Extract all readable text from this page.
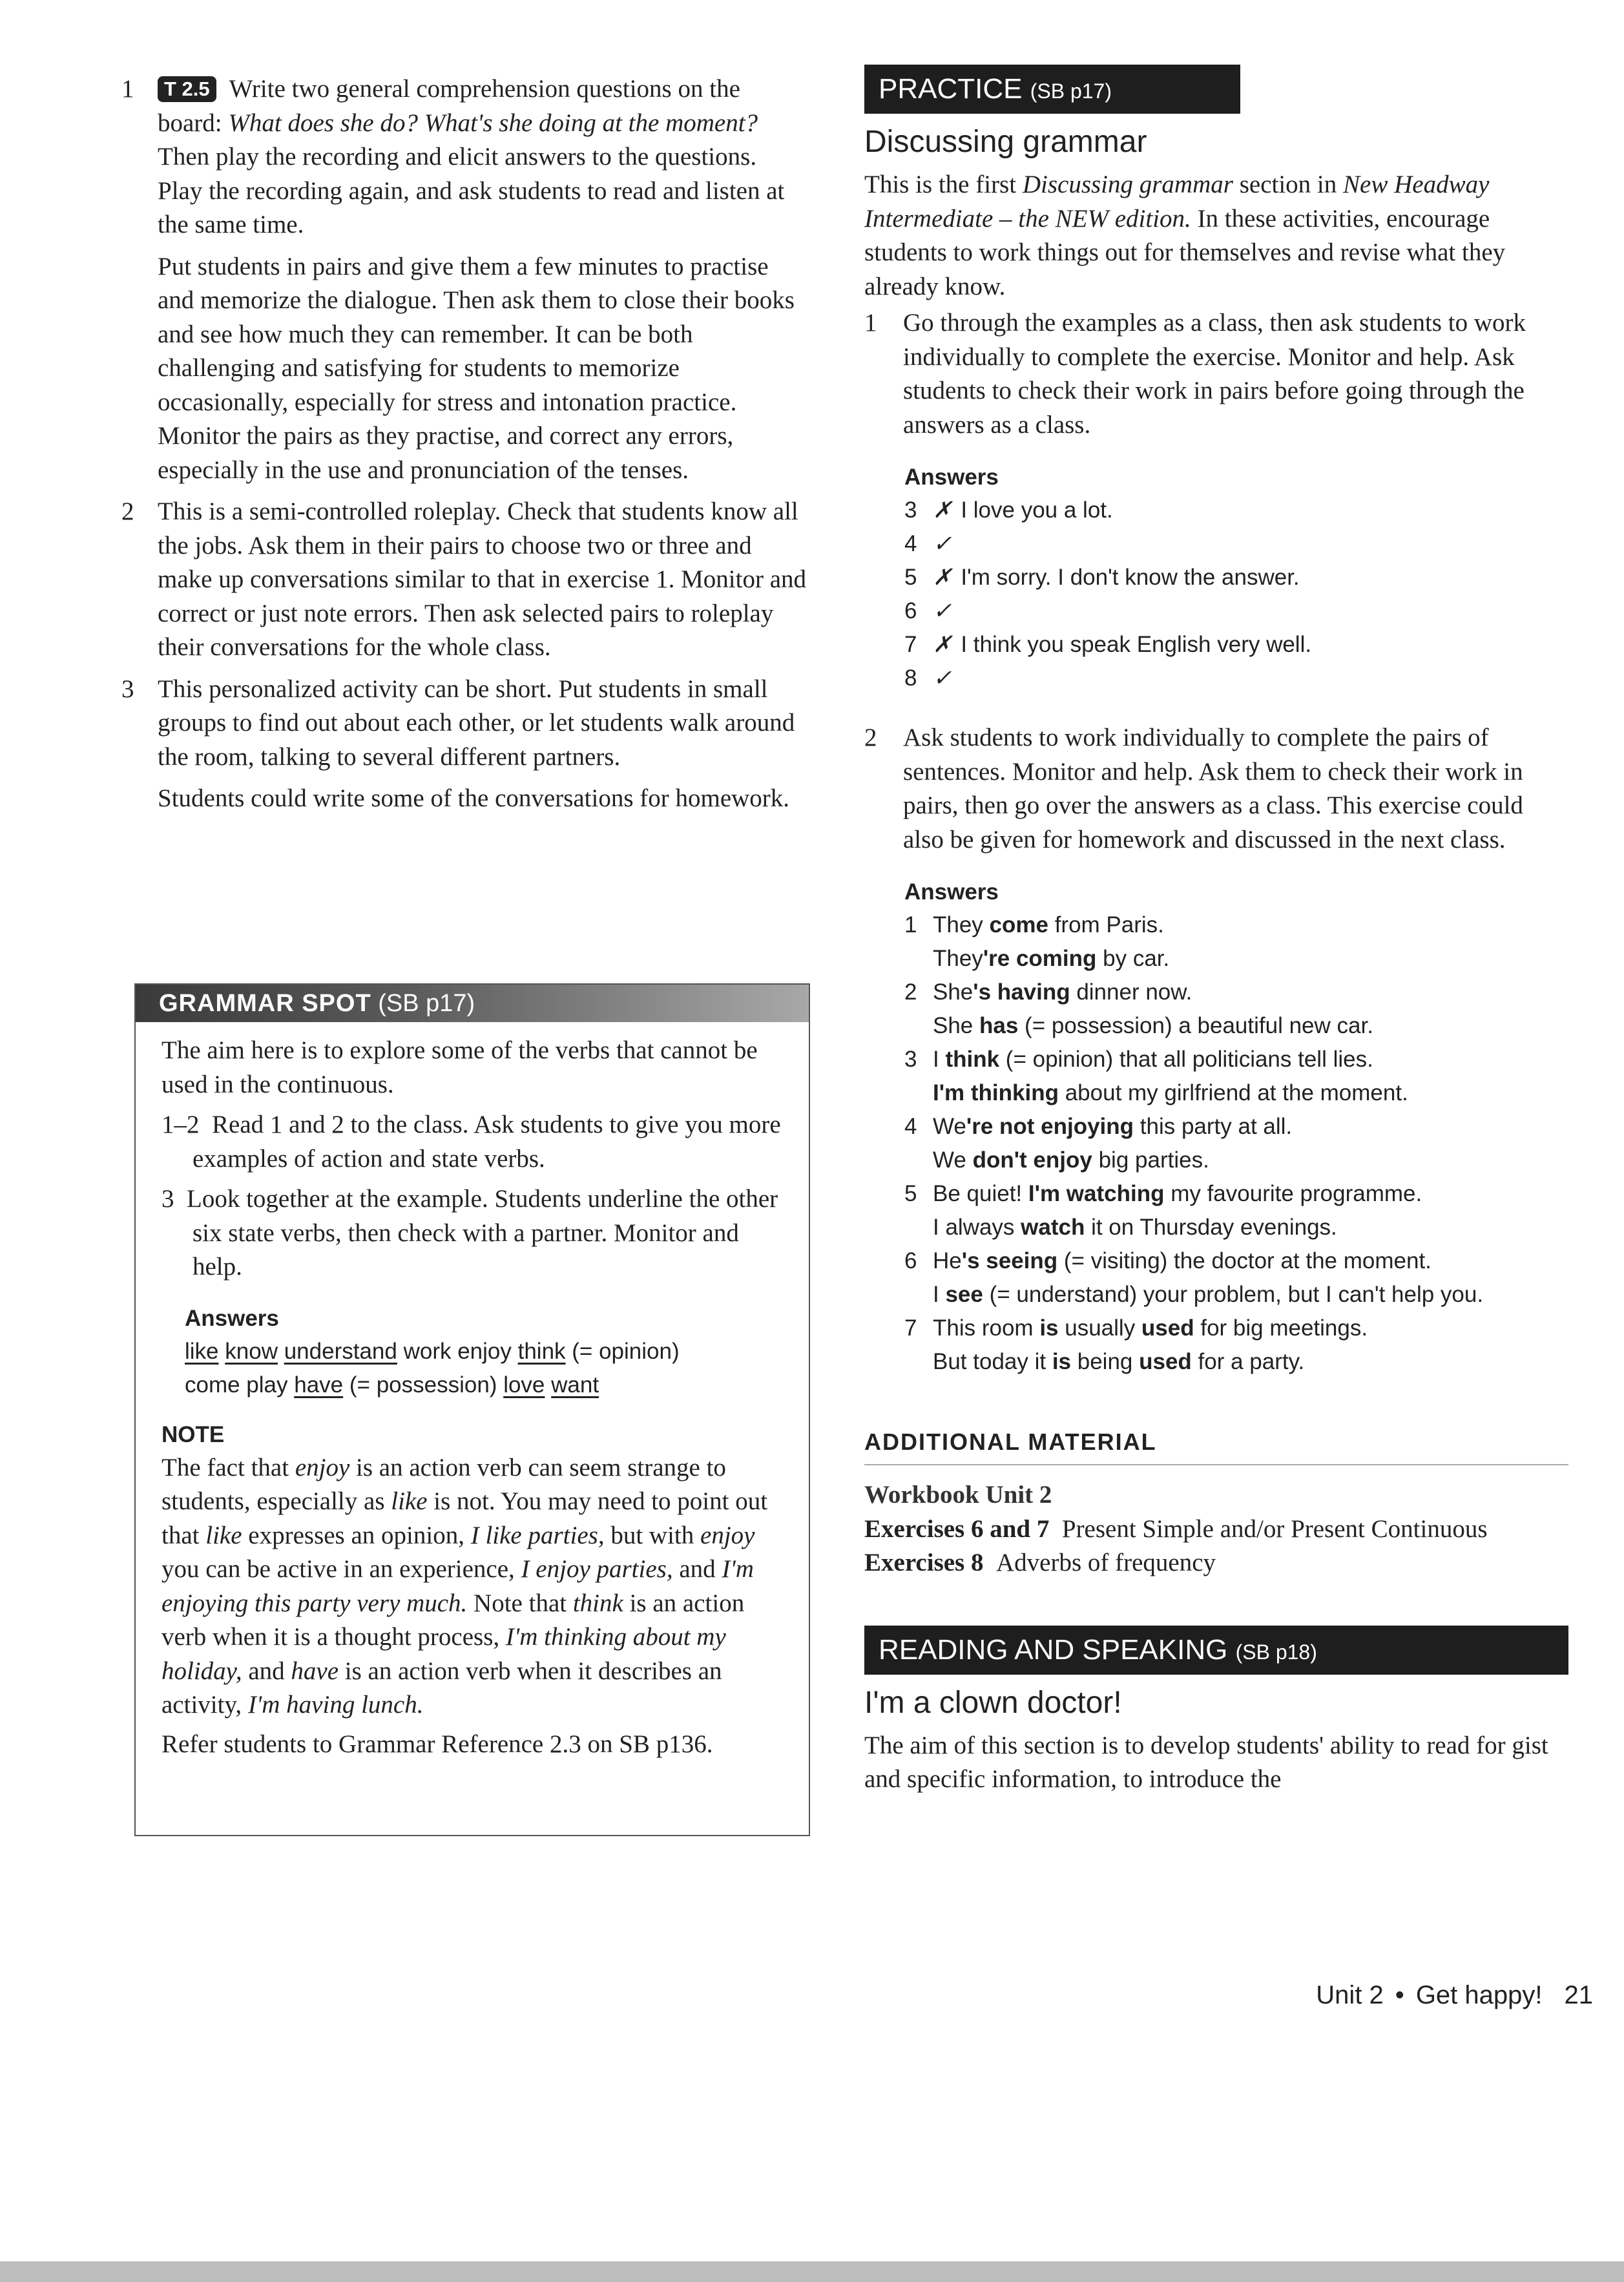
1	T 2.5 Write two general comprehension questions on the board: What does she do? What's she doing at the moment?Then play the recording and elicit answers to the questions. Play the recording again, and ask students to read and listen at the same time.

Put students in pairs and give them a few minutes to practise and memorize the dialogue. Then ask them to close their books and see how much they can remember. It can be both challenging and satisfying for students to memorize occasionally, especially for stress and intonation practice. Monitor the pairs as they practise, and correct any errors, especially in the use and pronunciation of the tenses.

2 This is a semi-controlled roleplay. Check that students know all the jobs. Ask them in their pairs to choose two or three and make up conversations similar to that in exercise 1. Monitor and correct or just note errors. Then ask selected pairs to roleplay their conversations for the whole class.

3 This personalized activity can be short. Put students in small groups to find out about each other, or let students walk around the room, talking to several different partners.

Students could write some of the conversations for homework.

GRAMMAR SPOT (SB p17)

The aim here is to explore some of the verbs that cannot be used in the continuous.

1–2 Read 1 and 2 to the class. Ask students to give you more examples of action and state verbs.

3 Look together at the example. Students underline the other six state verbs, then check with a partner. Monitor and help.

Answers
like know understand work enjoy think (= opinion)
come play have (= possession) love want
NOTE

The fact that enjoy is an action verb can seem strange to students, especially as like is not. You may need to point out that like expresses an opinion, I like parties, but with enjoy you can be active in an experience, I enjoy parties, and I'm enjoying this party very much. Note that think is an action verb when it is a thought process, I'm thinking about my holiday, and have is an action verb when it describes an activity, I'm having lunch.

Refer students to Grammar Reference 2.3 on SB p136.

PRACTICE (SB p17)
Discussing grammar

This is the first Discussing grammar section in New Headway Intermediate – the NEW edition. In these activities, encourage students to work things out for themselves and revise what they already know.

1 Go through the examples as a class, then ask students to work individually to complete the exercise. Monitor and help. Ask students to check their work in pairs before going through the answers as a class.

Answers
3 ✗ I love you a lot.
4 ✓
5 ✗ I'm sorry. I don't know the answer.
6 ✓
7 ✗ I think you speak English very well.
8 ✓
2 Ask students to work individually to complete the pairs of sentences. Monitor and help. Ask them to check their work in pairs, then go over the answers as a class. This exercise could also be given for homework and discussed in the next class.

Answers
1 They come from Paris.
They're coming by car.
2 She's having dinner now.
She has (= possession) a beautiful new car.
3 I think (= opinion) that all politicians tell lies.
I'm thinking about my girlfriend at the moment.
4 We're not enjoying this party at all.
We don't enjoy big parties.
5 Be quiet! I'm watching my favourite programme.
I always watch it on Thursday evenings.
6 He's seeing (= visiting) the doctor at the moment.
I see (= understand) your problem, but I can't help you.
7 This room is usually used for big meetings.
But today it is being used for a party.
ADDITIONAL MATERIAL

Workbook Unit 2

Exercises 6 and 7 Present Simple and/or Present Continuous

Exercises 8 Adverbs of frequency

READING AND SPEAKING (SB p18)
I'm a clown doctor!

The aim of this section is to develop students' ability to read for gist and specific information, to introduce the

Unit 2 • Get happy! 21
